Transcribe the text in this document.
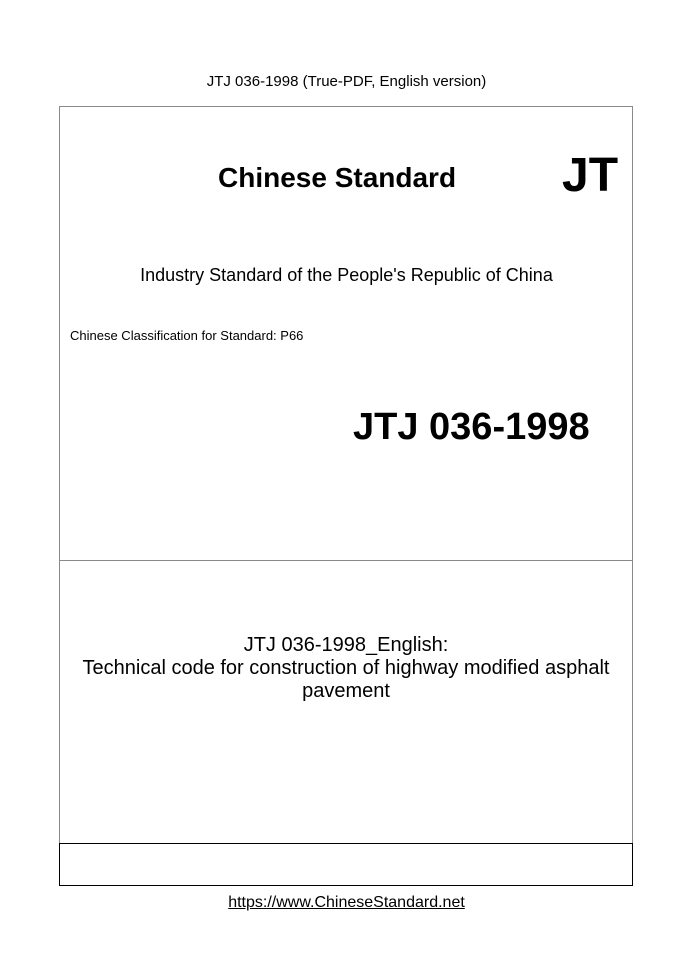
JTJ 036-1998 (True-PDF, English version)
Chinese Standard JT
Industry Standard of the People's Republic of China
Chinese Classification for Standard: P66
JTJ 036-1998
JTJ 036-1998_English:
Technical code for construction of highway modified asphalt
pavement
https://www.ChineseStandard.net
